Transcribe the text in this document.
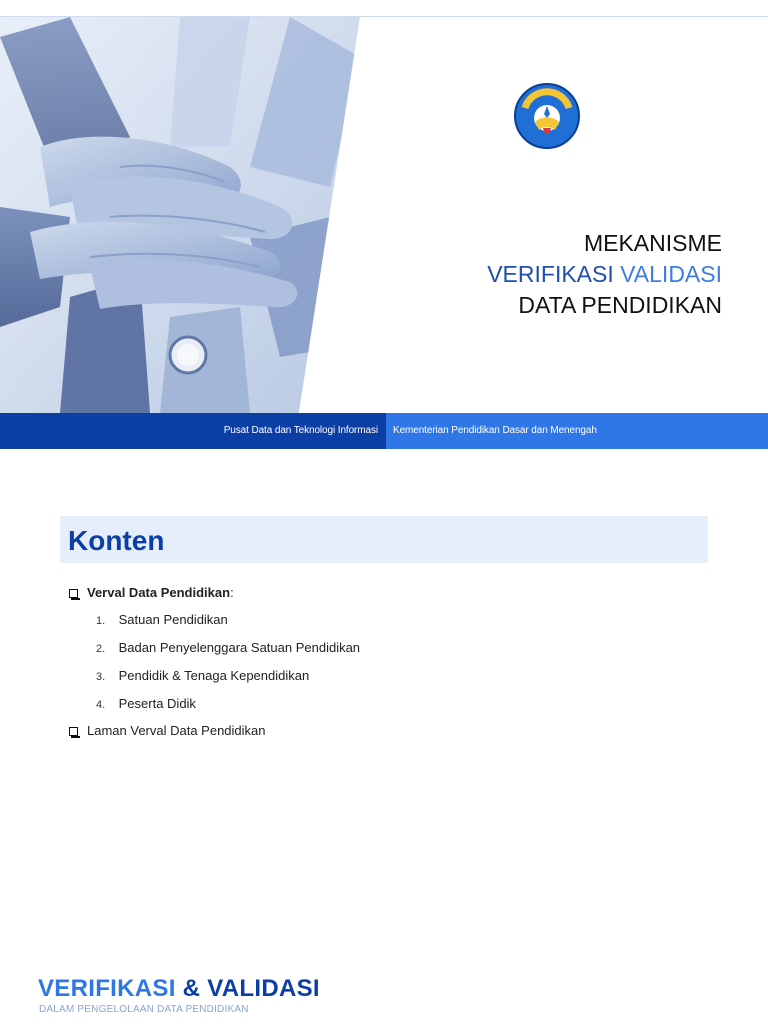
MEKANISME
VERIFIKASI VALIDASI
DATA PENDIDIKAN
Pusat Data dan Teknologi Informasi Kementerian Pendidikan Dasar dan Menengah
Konten
Verval Data Pendidikan:
1. Satuan Pendidikan
2. Badan Penyelenggara Satuan Pendidikan
3. Pendidik & Tenaga Kependidikan
4. Peserta Didik
Laman Verval Data Pendidikan
VERIFIKASI & VALIDASI
DALAM PENGELOLAAN DATA PENDIDIKAN
